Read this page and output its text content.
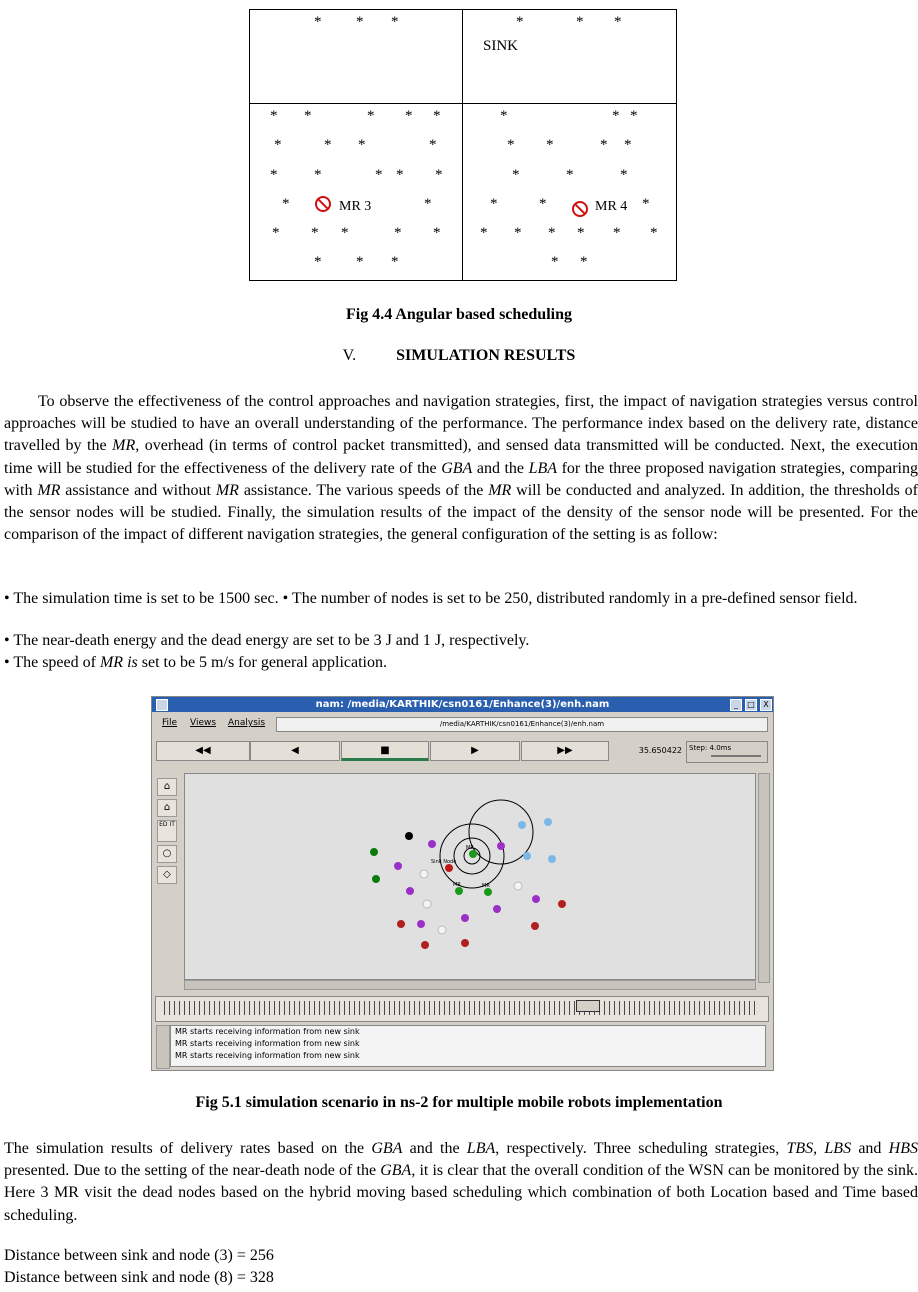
* * *	*	* *
SINK
* *	* * *
*	* *	*
* *	* * *
*	MR 3	*
* * *	* *
* * *
*	* *
* *	* *
*	*	*
*	*	MR 4 *
* * * * * *
* *
Fig 4.4 Angular based scheduling
V.	SIMULATION RESULTS
To observe the effectiveness of the control approaches and navigation strategies, first, the impact of navigation strategies versus control approaches will be studied to have an overall understanding of the performance. The performance index based on the delivery rate, distance travelled by the MR, overhead (in terms of control packet transmitted), and sensed data transmitted will be conducted. Next, the execution time will be studied for the effectiveness of the delivery rate of the GBA and the LBA for the three proposed navigation strategies, comparing with MR assistance and without MR assistance. The various speeds of the MR will be conducted and analyzed. In addition, the thresholds of the sensor nodes will be studied. Finally, the simulation results of the impact of the density of the sensor node will be presented. For the comparison of the impact of different navigation strategies, the general configuration of the setting is as follow:
• The simulation time is set to be 1500 sec. • The number of nodes is set to be 250, distributed randomly in a pre-defined sensor field.
• The near-death energy and the dead energy are set to be 3 J and 1 J, respectively.
• The speed of MR is set to be 5 m/s for general application.
nam: /media/KARTHIK/csn0161/Enhance(3)/enh.nam	_	□	X
File Views Analysis	/media/KARTHIK/csn0161/Enhance(3)/enh.nam
◀◀	◀	■	▶	▶▶	35.650422	Step: 4.0ms
⌂
⌂
ED IT
○
◇
Sink Node
MR
MR	MR
MR starts receiving information from new sink
MR starts receiving information from new sink
MR starts receiving information from new sink
Fig 5.1 simulation scenario in ns-2 for multiple mobile robots implementation
The simulation results of delivery rates based on the GBA and the LBA, respectively. Three scheduling strategies, TBS, LBS and HBS presented. Due to the setting of the near-death node of the GBA, it is clear that the overall condition of the WSN can be monitored by the sink. Here 3 MR visit the dead nodes based on the hybrid moving based scheduling which combination of both Location based and Time based scheduling.
Distance between sink and node (3) = 256
Distance between sink and node (8) = 328
